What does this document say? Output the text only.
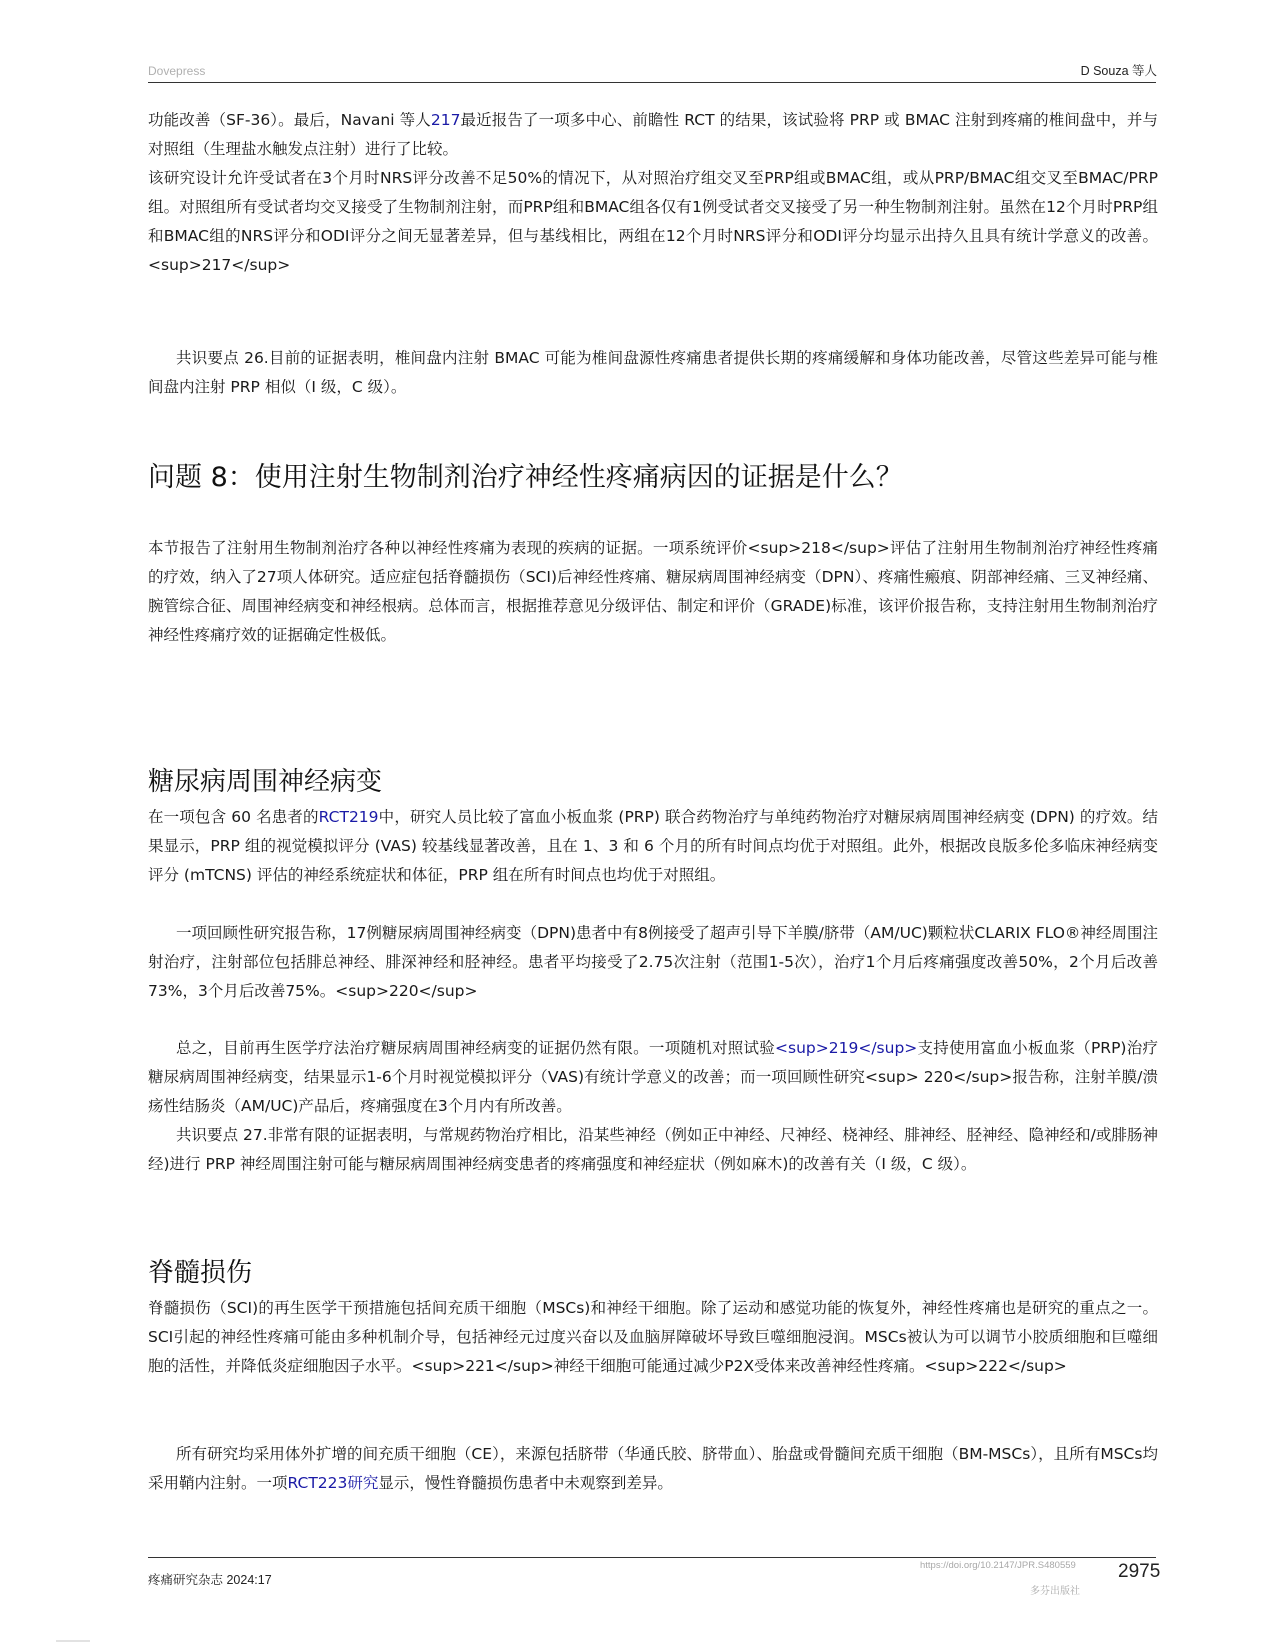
Dovepress	D Souza 等人

功能改善（SF-36）。最后，Navani 等人217最近报告了一项多中心、前瞻性 RCT 的结果，该试验将 PRP 或 BMAC 注射到疼痛的椎间盘中，并与对照组（生理盐水触发点注射）进行了比较。

该研究设计允许受试者在3个月时NRS评分改善不足50%的情况下，从对照治疗组交叉至PRP组或BMAC组，或从PRP/BMAC组交叉至BMAC/PRP组。对照组所有受试者均交叉接受了生物制剂注射，而PRP组和BMAC组各仅有1例受试者交叉接受了另一种生物制剂注射。虽然在12个月时PRP组和BMAC组的NRS评分和ODI评分之间无显著差异，但与基线相比，两组在12个月时NRS评分和ODI评分均显示出持久且具有统计学意义的改善。<sup>217</sup>

共识要点 26.目前的证据表明，椎间盘内注射 BMAC 可能为椎间盘源性疼痛患者提供长期的疼痛缓解和身体功能改善，尽管这些差异可能与椎间盘内注射 PRP 相似（I 级，C 级）。
问题 8：使用注射生物制剂治疗神经性疼痛病因的证据是什么？
本节报告了注射用生物制剂治疗各种以神经性疼痛为表现的疾病的证据。一项系统评价<sup>218</sup>评估了注射用生物制剂治疗神经性疼痛的疗效，纳入了27项人体研究。适应症包括脊髓损伤（SCI)后神经性疼痛、糖尿病周围神经病变（DPN）、疼痛性瘢痕、阴部神经痛、三叉神经痛、腕管综合征、周围神经病变和神经根病。总体而言，根据推荐意见分级评估、制定和评价（GRADE)标准，该评价报告称，支持注射用生物制剂治疗神经性疼痛疗效的证据确定性极低。
糖尿病周围神经病变
在一项包含 60 名患者的RCT219中，研究人员比较了富血小板血浆 (PRP) 联合药物治疗与单纯药物治疗对糖尿病周围神经病变 (DPN) 的疗效。结果显示，PRP 组的视觉模拟评分 (VAS) 较基线显著改善，且在 1、3 和 6 个月的所有时间点均优于对照组。此外，根据改良版多伦多临床神经病变评分 (mTCNS) 评估的神经系统症状和体征，PRP 组在所有时间点也均优于对照组。
一项回顾性研究报告称，17例糖尿病周围神经病变（DPN)患者中有8例接受了超声引导下羊膜/脐带（AM/UC)颗粒状CLARIX FLO®神经周围注射治疗，注射部位包括腓总神经、腓深神经和胫神经。患者平均接受了2.75次注射（范围1-5次），治疗1个月后疼痛强度改善50%，2个月后改善73%，3个月后改善75%。<sup>220</sup>

总之，目前再生医学疗法治疗糖尿病周围神经病变的证据仍然有限。一项随机对照试验<sup>219</sup>支持使用富血小板血浆（PRP)治疗糖尿病周围神经病变，结果显示1-6个月时视觉模拟评分（VAS)有统计学意义的改善；而一项回顾性研究<sup> 220</sup>报告称，注射羊膜/溃疡性结肠炎（AM/UC)产品后，疼痛强度在3个月内有所改善。

共识要点 27.非常有限的证据表明，与常规药物治疗相比，沿某些神经（例如正中神经、尺神经、桡神经、腓神经、胫神经、隐神经和/或腓肠神经)进行 PRP 神经周围注射可能与糖尿病周围神经病变患者的疼痛强度和神经症状（例如麻木)的改善有关（I 级，C 级）。

脊髓损伤
脊髓损伤（SCI)的再生医学干预措施包括间充质干细胞（MSCs)和神经干细胞。除了运动和感觉功能的恢复外，神经性疼痛也是研究的重点之一。SCI引起的神经性疼痛可能由多种机制介导，包括神经元过度兴奋以及血脑屏障破坏导致巨噬细胞浸润。MSCs被认为可以调节小胶质细胞和巨噬细胞的活性，并降低炎症细胞因子水平。<sup>221</sup>神经干细胞可能通过减少P2X受体来改善神经性疼痛。<sup>222</sup>
所有研究均采用体外扩增的间充质干细胞（CE），来源包括脐带（华通氏胶、脐带血）、胎盘或骨髓间充质干细胞（BM-MSCs），且所有MSCs均采用鞘内注射。一项RCT223研究显示，慢性脊髓损伤患者中未观察到差异。
疼痛研究杂志 2024:17
https://doi.org/10.2147/JPR.S480559
多芬出版社
2975
